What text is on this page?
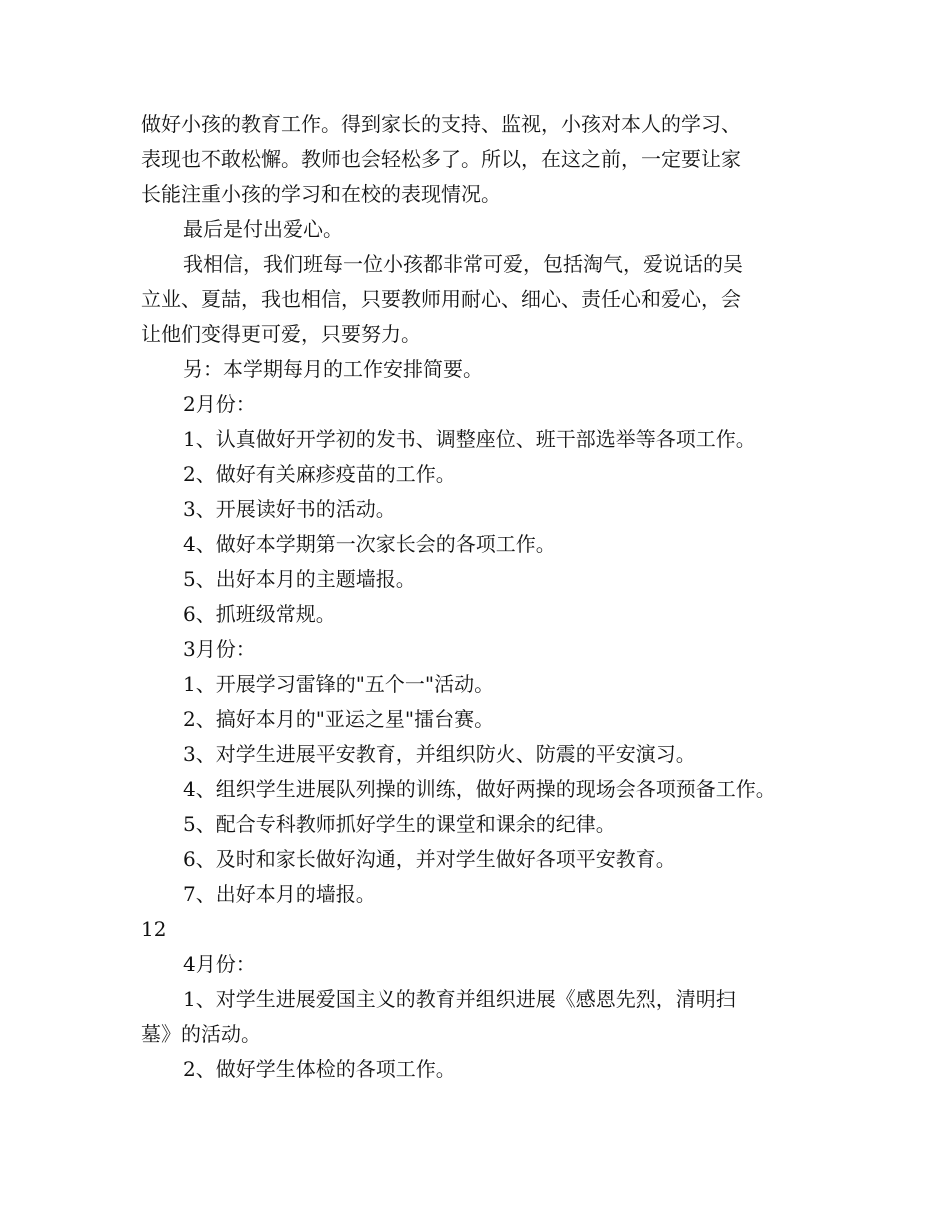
做好小孩的教育工作。得到家长的支持、监视，小孩对本人的学习、
表现也不敢松懈。教师也会轻松多了。所以，在这之前，一定要让家
长能注重小孩的学习和在校的表现情况。
最后是付出爱心。
我相信，我们班每一位小孩都非常可爱，包括淘气，爱说话的吴
立业、夏喆，我也相信，只要教师用耐心、细心、责任心和爱心，会
让他们变得更可爱，只要努力。
另：本学期每月的工作安排简要。
2月份：
1、认真做好开学初的发书、调整座位、班干部选举等各项工作。
2、做好有关麻疹疫苗的工作。
3、开展读好书的活动。
4、做好本学期第一次家长会的各项工作。
5、出好本月的主题墙报。
6、抓班级常规。
3月份：
1、开展学习雷锋的"五个一"活动。
2、搞好本月的"亚运之星"擂台赛。
3、对学生进展平安教育，并组织防火、防震的平安演习。
4、组织学生进展队列操的训练，做好两操的现场会各项预备工作。
5、配合专科教师抓好学生的课堂和课余的纪律。
6、及时和家长做好沟通，并对学生做好各项平安教育。
7、出好本月的墙报。
12
4月份：
1、对学生进展爱国主义的教育并组织进展《感恩先烈，清明扫
墓》的活动。
2、做好学生体检的各项工作。
